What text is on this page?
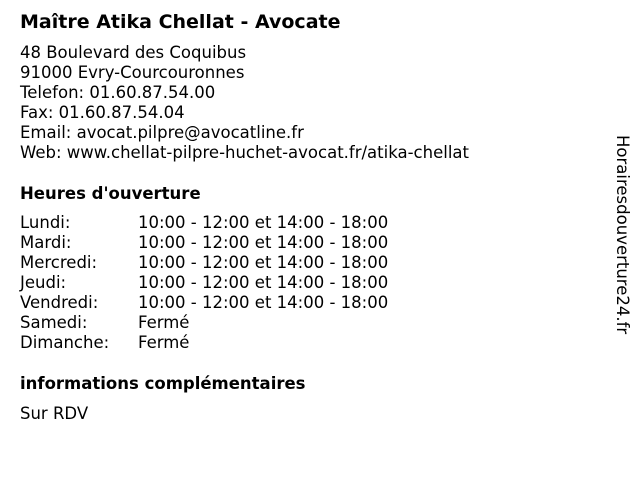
Maître Atika Chellat - Avocate
48 Boulevard des Coquibus
91000 Evry-Courcouronnes
Telefon: 01.60.87.54.00
Fax: 01.60.87.54.04
Email: avocat.pilpre@avocatline.fr
Web: www.chellat-pilpre-huchet-avocat.fr/atika-chellat
Heures d'ouverture
Lundi:	10:00 - 12:00 et 14:00 - 18:00
Mardi:	10:00 - 12:00 et 14:00 - 18:00
Mercredi:	10:00 - 12:00 et 14:00 - 18:00
Jeudi:	10:00 - 12:00 et 14:00 - 18:00
Vendredi:	10:00 - 12:00 et 14:00 - 18:00
Samedi:	Fermé
Dimanche:	Fermé
informations complémentaires
Sur RDV
Horairesdouverture24.fr
